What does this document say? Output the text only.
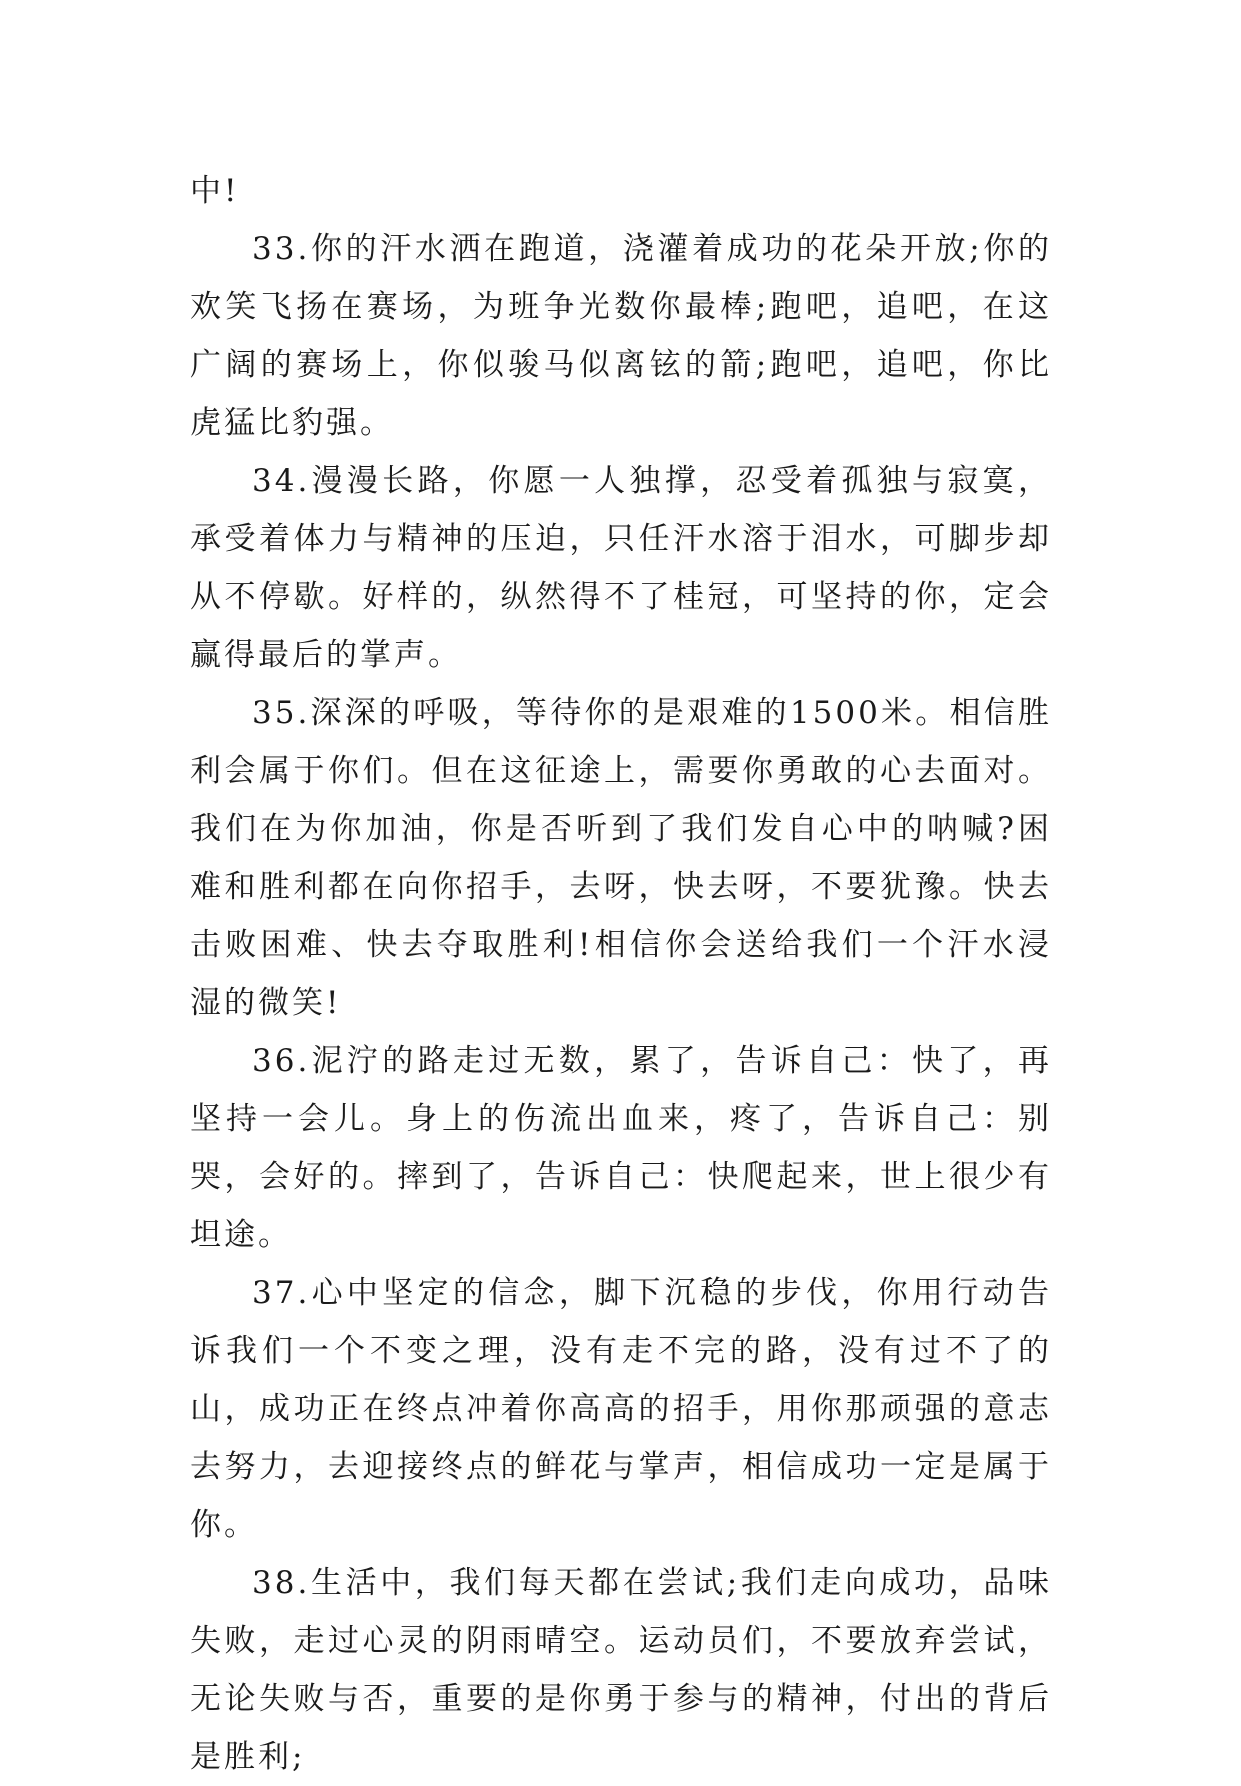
中!

33.你的汗水洒在跑道，浇灌着成功的花朵开放;你的欢笑飞扬在赛场，为班争光数你最棒;跑吧，追吧，在这广阔的赛场上，你似骏马似离铉的箭;跑吧，追吧，你比虎猛比豹强。

34.漫漫长路，你愿一人独撑，忍受着孤独与寂寞，承受着体力与精神的压迫，只任汗水溶于泪水，可脚步却从不停歇。好样的，纵然得不了桂冠，可坚持的你，定会赢得最后的掌声。

35.深深的呼吸，等待你的是艰难的1500米。相信胜利会属于你们。但在这征途上，需要你勇敢的心去面对。我们在为你加油，你是否听到了我们发自心中的呐喊?困难和胜利都在向你招手，去呀，快去呀，不要犹豫。快去击败困难、快去夺取胜利!相信你会送给我们一个汗水浸湿的微笑!

36.泥泞的路走过无数，累了，告诉自己：快了，再坚持一会儿。身上的伤流出血来，疼了，告诉自己：别哭，会好的。摔到了，告诉自己：快爬起来，世上很少有坦途。

37.心中坚定的信念，脚下沉稳的步伐，你用行动告诉我们一个不变之理，没有走不完的路，没有过不了的山，成功正在终点冲着你高高的招手，用你那顽强的意志去努力，去迎接终点的鲜花与掌声，相信成功一定是属于你。

38.生活中，我们每天都在尝试;我们走向成功，品味失败，走过心灵的阴雨晴空。运动员们，不要放弃尝试，无论失败与否，重要的是你勇于参与的精神，付出的背后是胜利;
